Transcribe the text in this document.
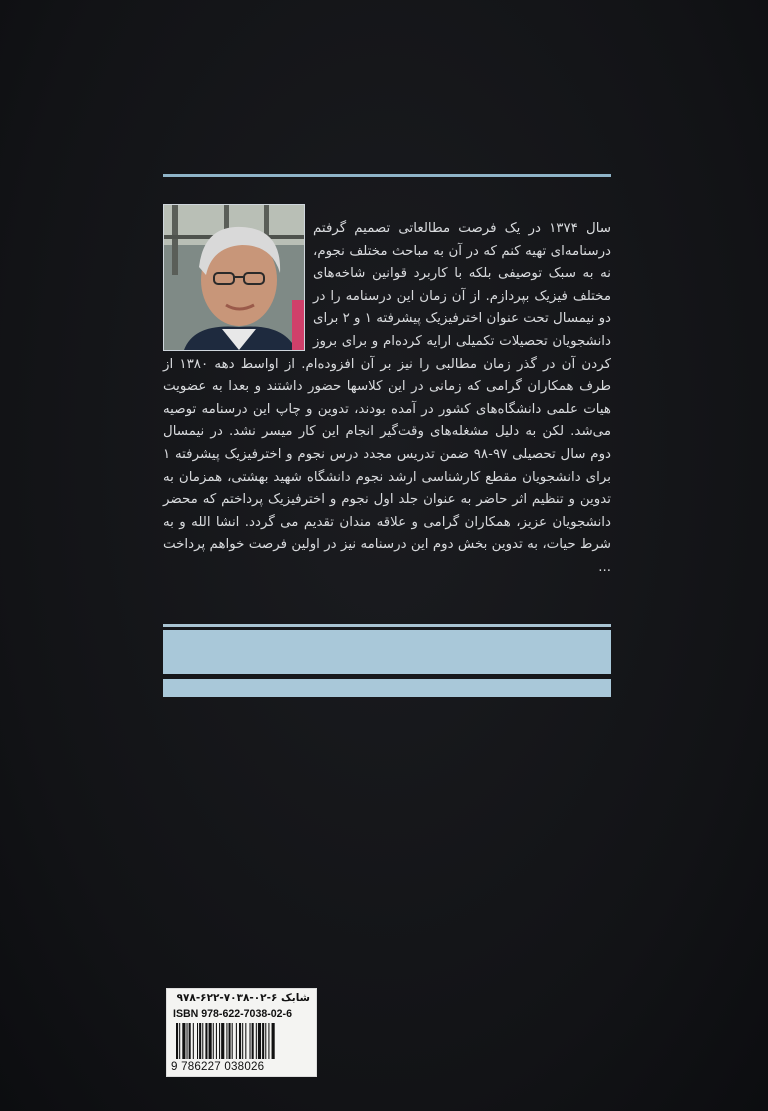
سال ۱۳۷۴ در یک فرصت مطالعاتی تصمیم گرفتم درسنامه‌ای تهیه کنم که در آن به مباحث مختلف نجوم، نه به سبک توصیفی بلکه با کاربرد قوانین شاخه‌های مختلف فیزیک بپردازم. از آن زمان این درسنامه را در دو نیمسال تحت عنوان اخترفیزیک پیشرفته ۱ و ۲ برای دانشجویان تحصیلات تکمیلی ارایه کرده‌ام و برای بروز کردن آن در گذر زمان مطالبی را نیز بر آن افزوده‌ام. از اواسط دهه ۱۳۸۰ از طرف همکاران گرامی که زمانی در این کلاسها حضور داشتند و بعدا به عضویت هیات علمی دانشگاه‌های کشور در آمده بودند، تدوین و چاپ این درسنامه توصیه می‌شد. لکن به دلیل مشغله‌های وقت‌گیر انجام این کار میسر نشد. در نیمسال دوم سال تحصیلی ۹۷-۹۸ ضمن تدریس مجدد درس نجوم و اخترفیزیک پیشرفته ۱ برای دانشجویان مقطع کارشناسی ارشد نجوم دانشگاه شهید بهشتی، همزمان به تدوین و تنظیم اثر حاضر به عنوان جلد اول نجوم و اخترفیزیک پرداختم که محضر دانشجویان عزیز، همکاران گرامی و علاقه مندان تقدیم می گردد. انشا الله و به شرط حیات، به تدوین بخش دوم این درسنامه نیز در اولین فرصت خواهم پرداخت ...
شابک ۶-۰۲-۷۰۳۸-۶۲۲-۹۷۸
ISBN 978-622-7038-02-6
9 786227 038026
